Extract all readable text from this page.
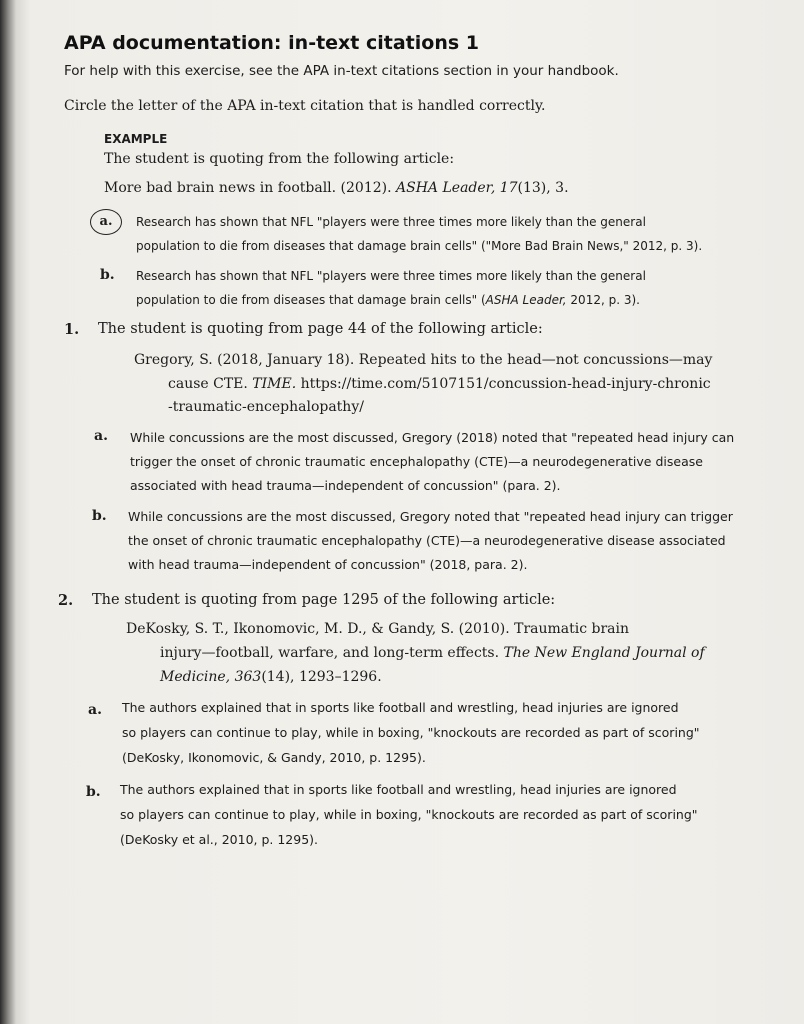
APA documentation: in-text citations 1
For help with this exercise, see the APA in-text citations section in your handbook.
Circle the letter of the APA in-text citation that is handled correctly.
EXAMPLE
The student is quoting from the following article:
More bad brain news in football. (2012). ASHA Leader, 17(13), 3.
a.	Research has shown that NFL "players were three times more likely than the general
population to die from diseases that damage brain cells" ("More Bad Brain News," 2012, p. 3).
b. Research has shown that NFL "players were three times more likely than the general
population to die from diseases that damage brain cells" (ASHA Leader, 2012, p. 3).
1. The student is quoting from page 44 of the following article:
Gregory, S. (2018, January 18). Repeated hits to the head—not concussions—may
cause CTE. TIME. https://time.com/5107151/concussion-head-injury-chronic
-traumatic-encephalopathy/
a. While concussions are the most discussed, Gregory (2018) noted that "repeated head injury can
trigger the onset of chronic traumatic encephalopathy (CTE)—a neurodegenerative disease
associated with head trauma—independent of concussion" (para. 2).
b. While concussions are the most discussed, Gregory noted that "repeated head injury can trigger
the onset of chronic traumatic encephalopathy (CTE)—a neurodegenerative disease associated
with head trauma—independent of concussion" (2018, para. 2).
2. The student is quoting from page 1295 of the following article:
DeKosky, S. T., Ikonomovic, M. D., & Gandy, S. (2010). Traumatic brain
injury—football, warfare, and long-term effects. The New England Journal of
Medicine, 363(14), 1293–1296.
a. The authors explained that in sports like football and wrestling, head injuries are ignored
so players can continue to play, while in boxing, "knockouts are recorded as part of scoring"
(DeKosky, Ikonomovic, & Gandy, 2010, p. 1295).
b. The authors explained that in sports like football and wrestling, head injuries are ignored
so players can continue to play, while in boxing, "knockouts are recorded as part of scoring"
(DeKosky et al., 2010, p. 1295).
